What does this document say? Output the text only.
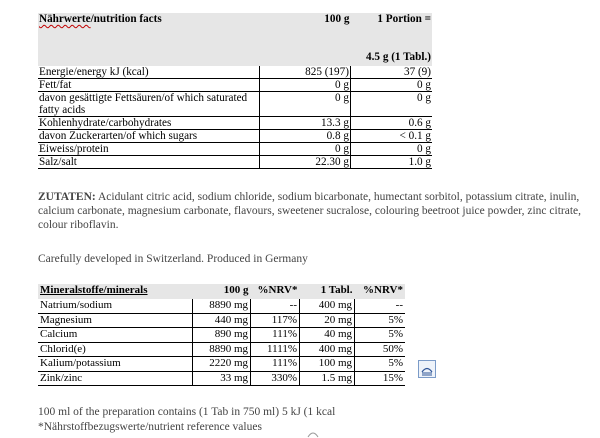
Nährwerte/nutrition facts	100 g	1 Portion =
4.5 g (1 Tabl.)
Energie/energy kJ (kcal)	825 (197)	37 (9)
Fett/fat	0 g	0 g
davon gesättigte Fettsäuren/of which saturated fatty acids	0 g	0 g
Kohlenhydrate/carbohydrates	13.3 g	0.6 g
davon Zuckerarten/of which sugars	0.8 g	< 0.1 g
Eiweiss/protein	0 g	0 g
Salz/salt	22.30 g	1.0 g
ZUTATEN: Acidulant citric acid, sodium chloride, sodium bicarbonate, humectant sorbitol, potassium citrate, inulin, calcium carbonate, magnesium carbonate, flavours, sweetener sucralose, colouring beetroot juice powder, zinc citrate, colour riboflavin.
Carefully developed in Switzerland. Produced in Germany
Mineralstoffe/minerals	100 g	%NRV*	1 Tabl.	%NRV*
Natrium/sodium	8890 mg	--	400 mg	--
Magnesium	440 mg	117%	20 mg	5%
Calcium	890 mg	111%	40 mg	5%
Chlorid(e)	8890 mg	1111%	400 mg	50%
Kalium/potassium	2220 mg	111%	100 mg	5%
Zink/zinc	33 mg	330%	1.5 mg	15%
100 ml of the preparation contains (1 Tab in 750 ml) 5 kJ (1 kcal
*Nährstoffbezugswerte/nutrient reference values
